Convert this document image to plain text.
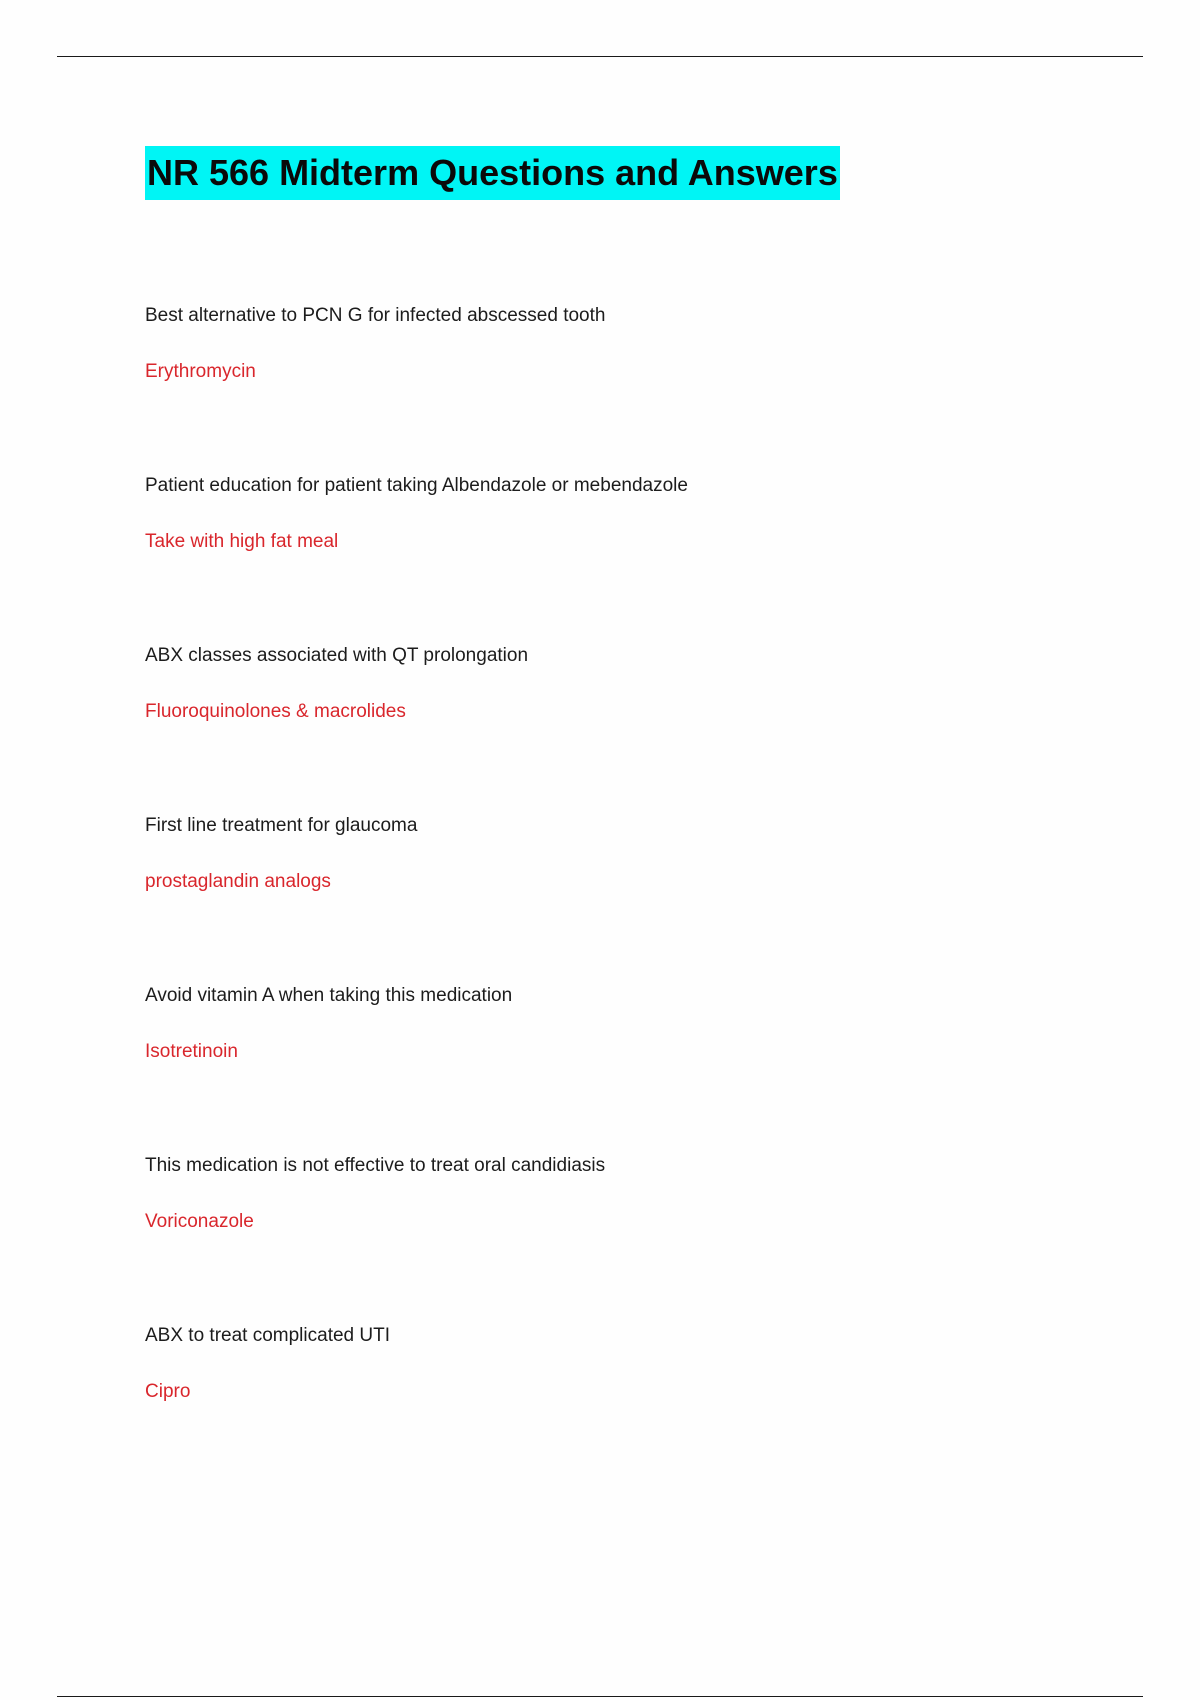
NR 566 Midterm Questions and Answers
Best alternative to PCN G for infected abscessed tooth
Erythromycin
Patient education for patient taking Albendazole or mebendazole
Take with high fat meal
ABX classes associated with QT prolongation
Fluoroquinolones & macrolides
First line treatment for glaucoma
prostaglandin analogs
Avoid vitamin A when taking this medication
Isotretinoin
This medication is not effective to treat oral candidiasis
Voriconazole
ABX to treat complicated UTI
Cipro
